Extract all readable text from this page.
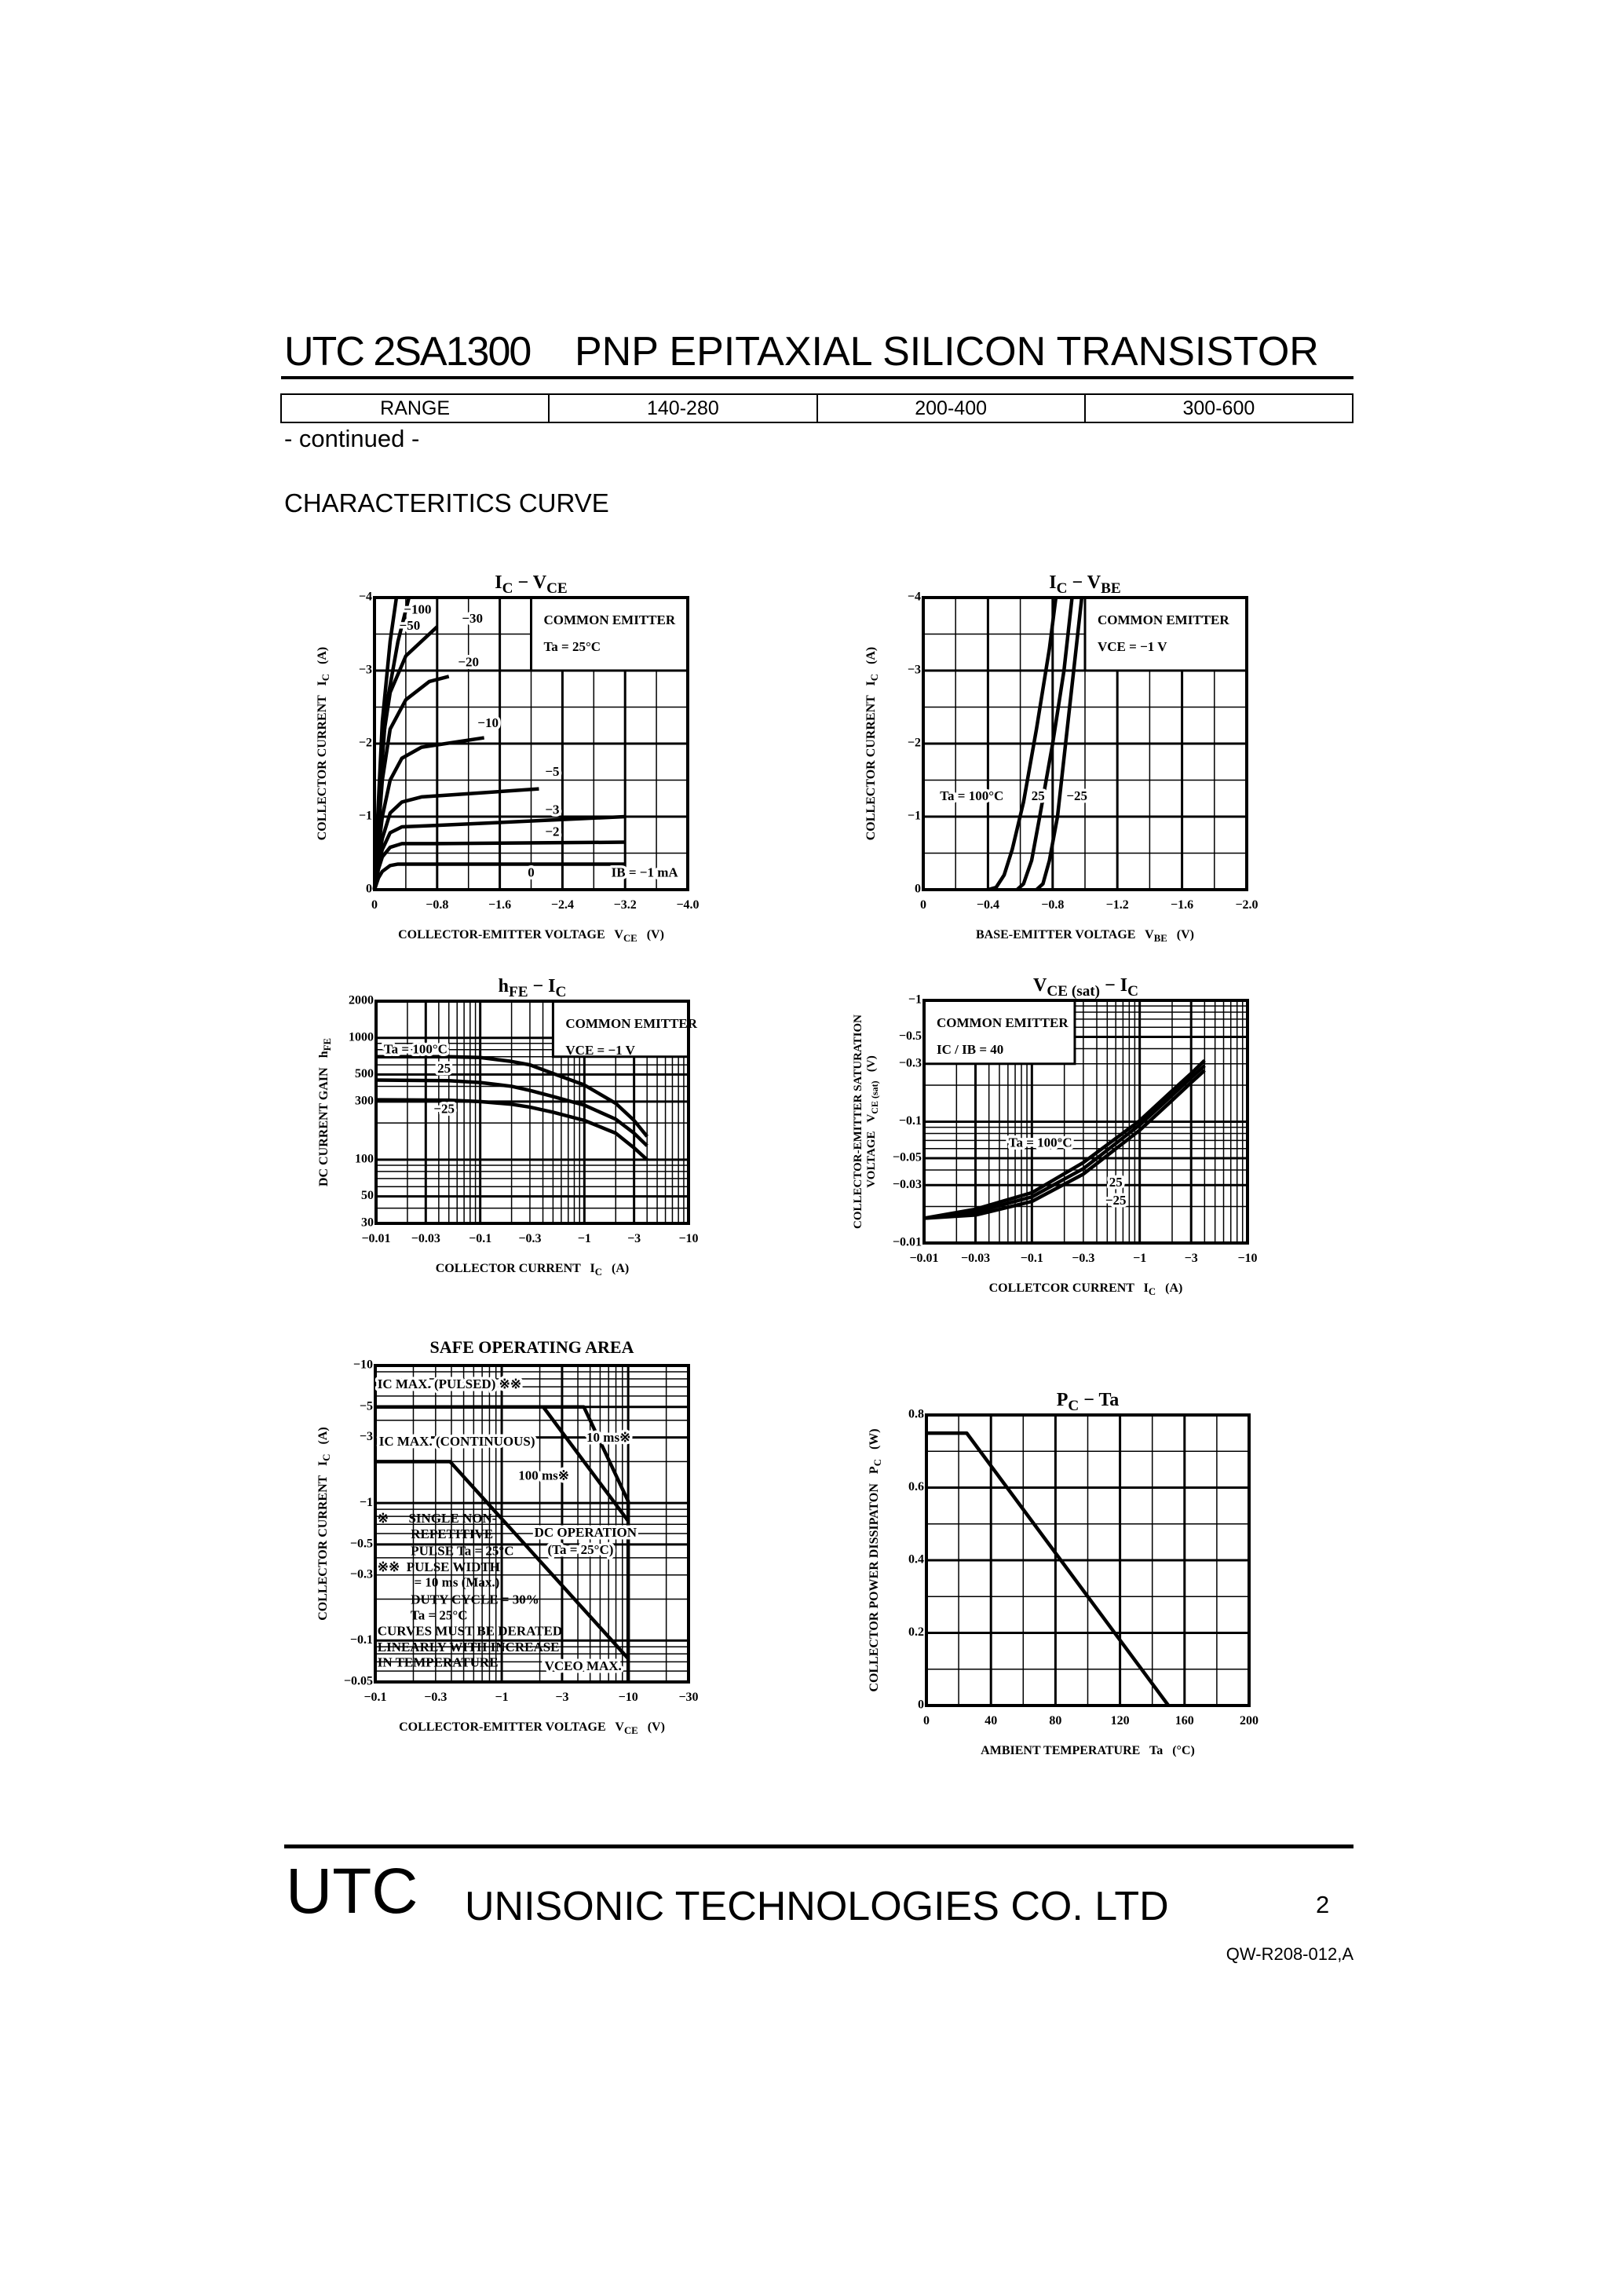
UTC 2SA1300 PNP EPITAXIAL SILICON TRANSISTOR
RANGE	140-280	200-400	300-600
- continued -
CHARACTERITICS CURVE
COMMON EMITTER
Ta = 25°C
−100
−50	−30
−20
−10
−5
−3
−2
0	IB = −1 mA
0	−0.8	−1.6	−2.4	−3.2	−4.0
0
−1
−2
−3
−4
IC − VCE
COLLECTOR-EMITTER VOLTAGE   VCE   (V)
COLLECTOR CURRENT   IC   (A)
COMMON EMITTER
VCE = −1 V
Ta = 100°C 25 −25
0	−0.4	−0.8	−1.2	−1.6	−2.0
0
−1
−2
−3
−4
IC − VBE
BASE-EMITTER VOLTAGE   VBE   (V)
COLLECTOR CURRENT   IC   (A)
COMMON EMITTER
VCE = −1 V
Ta = 100°C
25
−25
−0.01 −0.03 −0.1 −0.3	−1	−3	−10
30
50
100
300
500
1000
2000
hFE − IC
COLLECTOR CURRENT   IC   (A)
DC CURRENT GAIN   hFE
COMMON EMITTER
IC / IB = 40
Ta = 100°C
25
−25
−0.01 −0.03 −0.1 −0.3	−1	−3	−10
−0.01
−0.03
−0.05
−0.1
−0.3
−0.5
−1
VCE (sat) − IC
COLLETCOR CURRENT   IC   (A)
COLLECTOR-EMITTER SATURATION VOLTAGE   VCE (sat)   (V)
IC MAX. (PULSED) ※※
IC MAX. (CONTINUOUS)	10 ms※
100 ms※
DC OPERATION
(Ta = 25°C)
VCEO MAX.
※      SINGLE NON-
REPETITIVE
PULSE Ta = 25°C
※※  PULSE WIDTH
= 10 ms (Max.)
DUTY CYCLE = 30%
Ta = 25°C
CURVES MUST BE DERATED
LINEARLY WITH INCREASE
IN TEMPERATURE
−0.1	−0.3	−1	−3	−10	−30
−0.05
−0.1
−0.3
−0.5
−1
−3
−5
−10
SAFE OPERATING AREA
COLLECTOR-EMITTER VOLTAGE   VCE   (V)
COLLECTOR CURRENT   IC   (A)
0	40	80	120	160	200
0
0.2
0.4
0.6
0.8
PC − Ta
AMBIENT TEMPERATURE   Ta   (°C)
COLLECTOR POWER DISSIPATON   PC   (W)
UTC UNISONIC TECHNOLOGIES CO. LTD	2
QW-R208-012,A
